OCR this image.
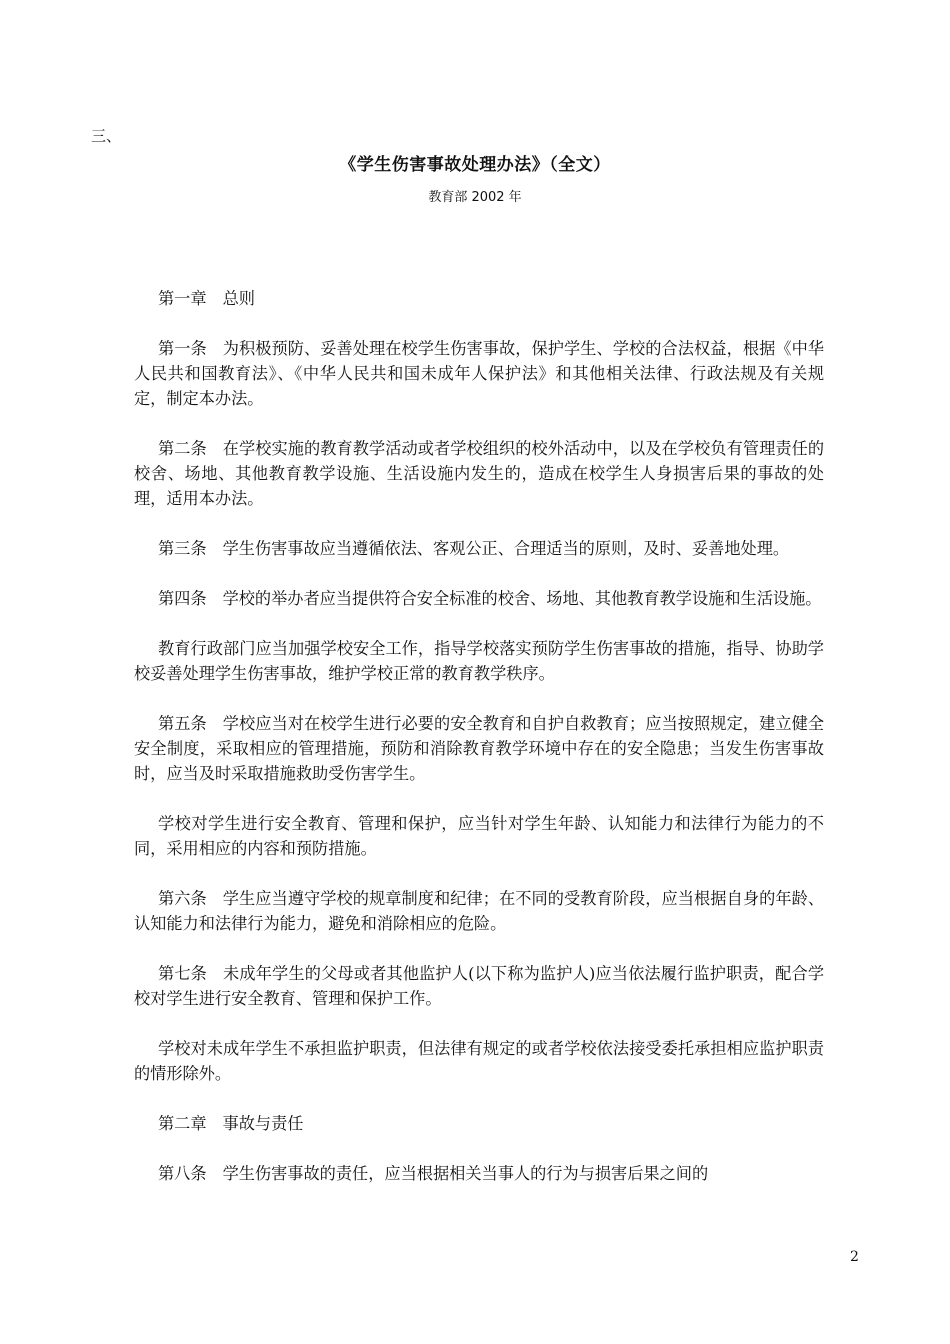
三、
《学生伤害事故处理办法》（全文）
教育部 2002 年

第一章 总则

第一条 为积极预防、妥善处理在校学生伤害事故，保护学生、学校的合法权益，根据《中华人民共和国教育法》、《中华人民共和国未成年人保护法》和其他相关法律、行政法规及有关规定，制定本办法。

第二条 在学校实施的教育教学活动或者学校组织的校外活动中，以及在学校负有管理责任的校舍、场地、其他教育教学设施、生活设施内发生的，造成在校学生人身损害后果的事故的处理，适用本办法。

第三条 学生伤害事故应当遵循依法、客观公正、合理适当的原则，及时、妥善地处理。

第四条 学校的举办者应当提供符合安全标准的校舍、场地、其他教育教学设施和生活设施。

教育行政部门应当加强学校安全工作，指导学校落实预防学生伤害事故的措施，指导、协助学校妥善处理学生伤害事故，维护学校正常的教育教学秩序。

第五条 学校应当对在校学生进行必要的安全教育和自护自救教育；应当按照规定，建立健全安全制度，采取相应的管理措施，预防和消除教育教学环境中存在的安全隐患；当发生伤害事故时，应当及时采取措施救助受伤害学生。

学校对学生进行安全教育、管理和保护，应当针对学生年龄、认知能力和法律行为能力的不同，采用相应的内容和预防措施。

第六条 学生应当遵守学校的规章制度和纪律；在不同的受教育阶段，应当根据自身的年龄、认知能力和法律行为能力，避免和消除相应的危险。

第七条 未成年学生的父母或者其他监护人(以下称为监护人)应当依法履行监护职责，配合学校对学生进行安全教育、管理和保护工作。

学校对未成年学生不承担监护职责，但法律有规定的或者学校依法接受委托承担相应监护职责的情形除外。

第二章 事故与责任

第八条 学生伤害事故的责任，应当根据相关当事人的行为与损害后果之间的

2
